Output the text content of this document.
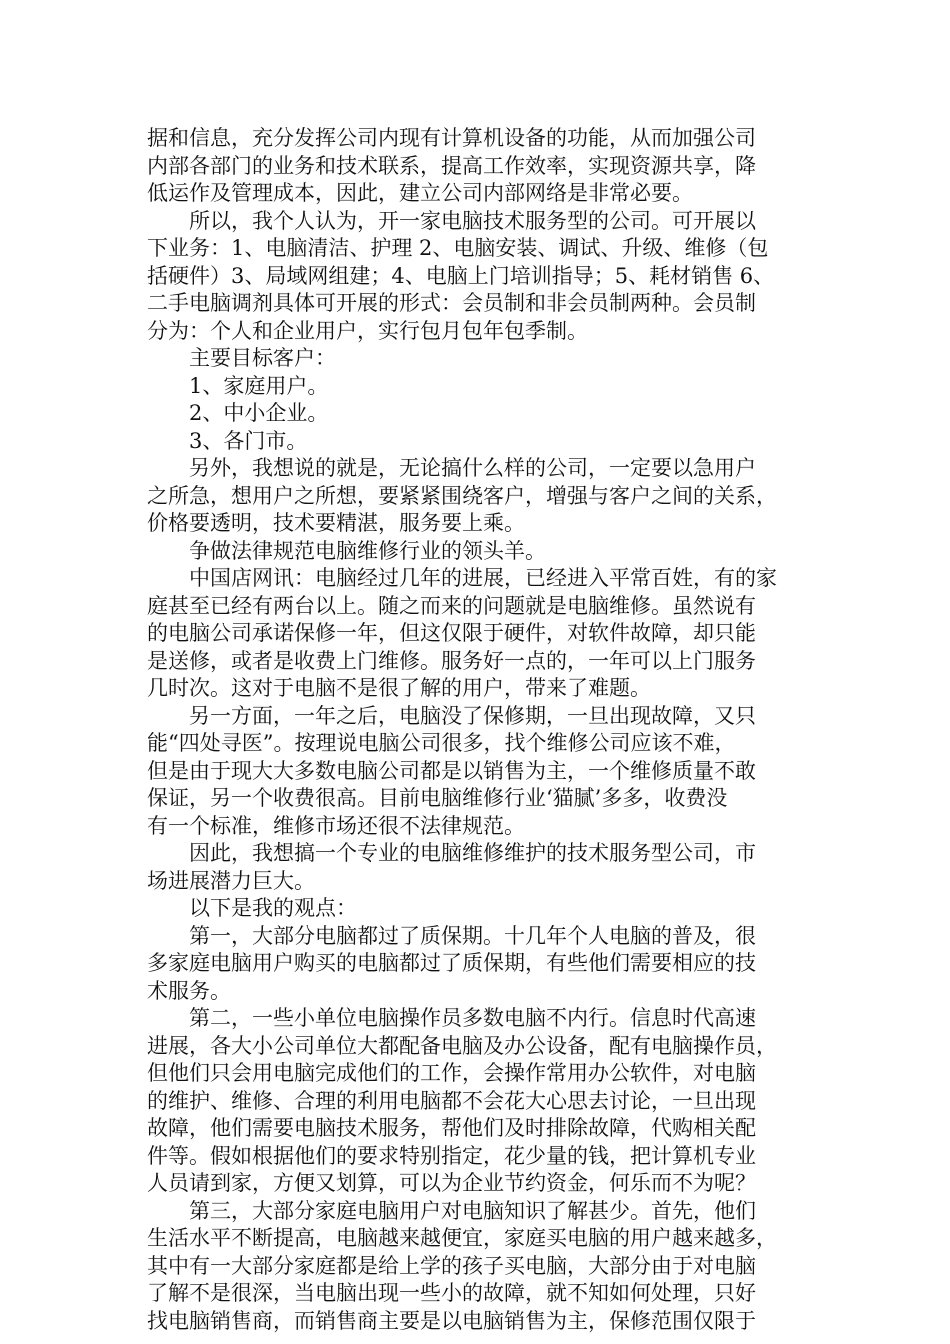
据和信息，充分发挥公司内现有计算机设备的功能，从而加强公司
内部各部门的业务和技术联系，提高工作效率，实现资源共享，降
低运作及管理成本，因此，建立公司内部网络是非常必要。
所以，我个人认为，开一家电脑技术服务型的公司。可开展以
下业务：1、电脑清洁、护理 2、电脑安装、调试、升级、维修（包
括硬件）3、局域网组建；4、电脑上门培训指导；5、耗材销售 6、
二手电脑调剂具体可开展的形式：会员制和非会员制两种。会员制
分为：个人和企业用户，实行包月包年包季制。
主要目标客户：
1、家庭用户。
2、中小企业。
3、各门市。
另外，我想说的就是，无论搞什么样的公司，一定要以急用户
之所急，想用户之所想，要紧紧围绕客户，增强与客户之间的关系，
价格要透明，技术要精湛，服务要上乘。
争做法律规范电脑维修行业的领头羊。
中国店网讯：电脑经过几年的进展，已经进入平常百姓，有的家
庭甚至已经有两台以上。随之而来的问题就是电脑维修。虽然说有
的电脑公司承诺保修一年，但这仅限于硬件，对软件故障，却只能
是送修，或者是收费上门维修。服务好一点的，一年可以上门服务
几时次。这对于电脑不是很了解的用户，带来了难题。
另一方面，一年之后，电脑没了保修期，一旦出现故障，又只
能“四处寻医”。按理说电脑公司很多，找个维修公司应该不难，
但是由于现大大多数电脑公司都是以销售为主，一个维修质量不敢
保证，另一个收费很高。目前电脑维修行业‘猫腻’多多，收费没
有一个标准，维修市场还很不法律规范。
因此，我想搞一个专业的电脑维修维护的技术服务型公司，市
场进展潜力巨大。
以下是我的观点：
第一，大部分电脑都过了质保期。十几年个人电脑的普及，很
多家庭电脑用户购买的电脑都过了质保期，有些他们需要相应的技
术服务。
第二，一些小单位电脑操作员多数电脑不内行。信息时代高速
进展，各大小公司单位大都配备电脑及办公设备，配有电脑操作员，
但他们只会用电脑完成他们的工作，会操作常用办公软件，对电脑
的维护、维修、合理的利用电脑都不会花大心思去讨论，一旦出现
故障，他们需要电脑技术服务，帮他们及时排除故障，代购相关配
件等。假如根据他们的要求特别指定，花少量的钱，把计算机专业
人员请到家，方便又划算，可以为企业节约资金，何乐而不为呢？
第三，大部分家庭电脑用户对电脑知识了解甚少。首先，他们
生活水平不断提高，电脑越来越便宜，家庭买电脑的用户越来越多，
其中有一大部分家庭都是给上学的孩子买电脑，大部分由于对电脑
了解不是很深，当电脑出现一些小的故障，就不知如何处理，只好
找电脑销售商，而销售商主要是以电脑销售为主，保修范围仅限于
